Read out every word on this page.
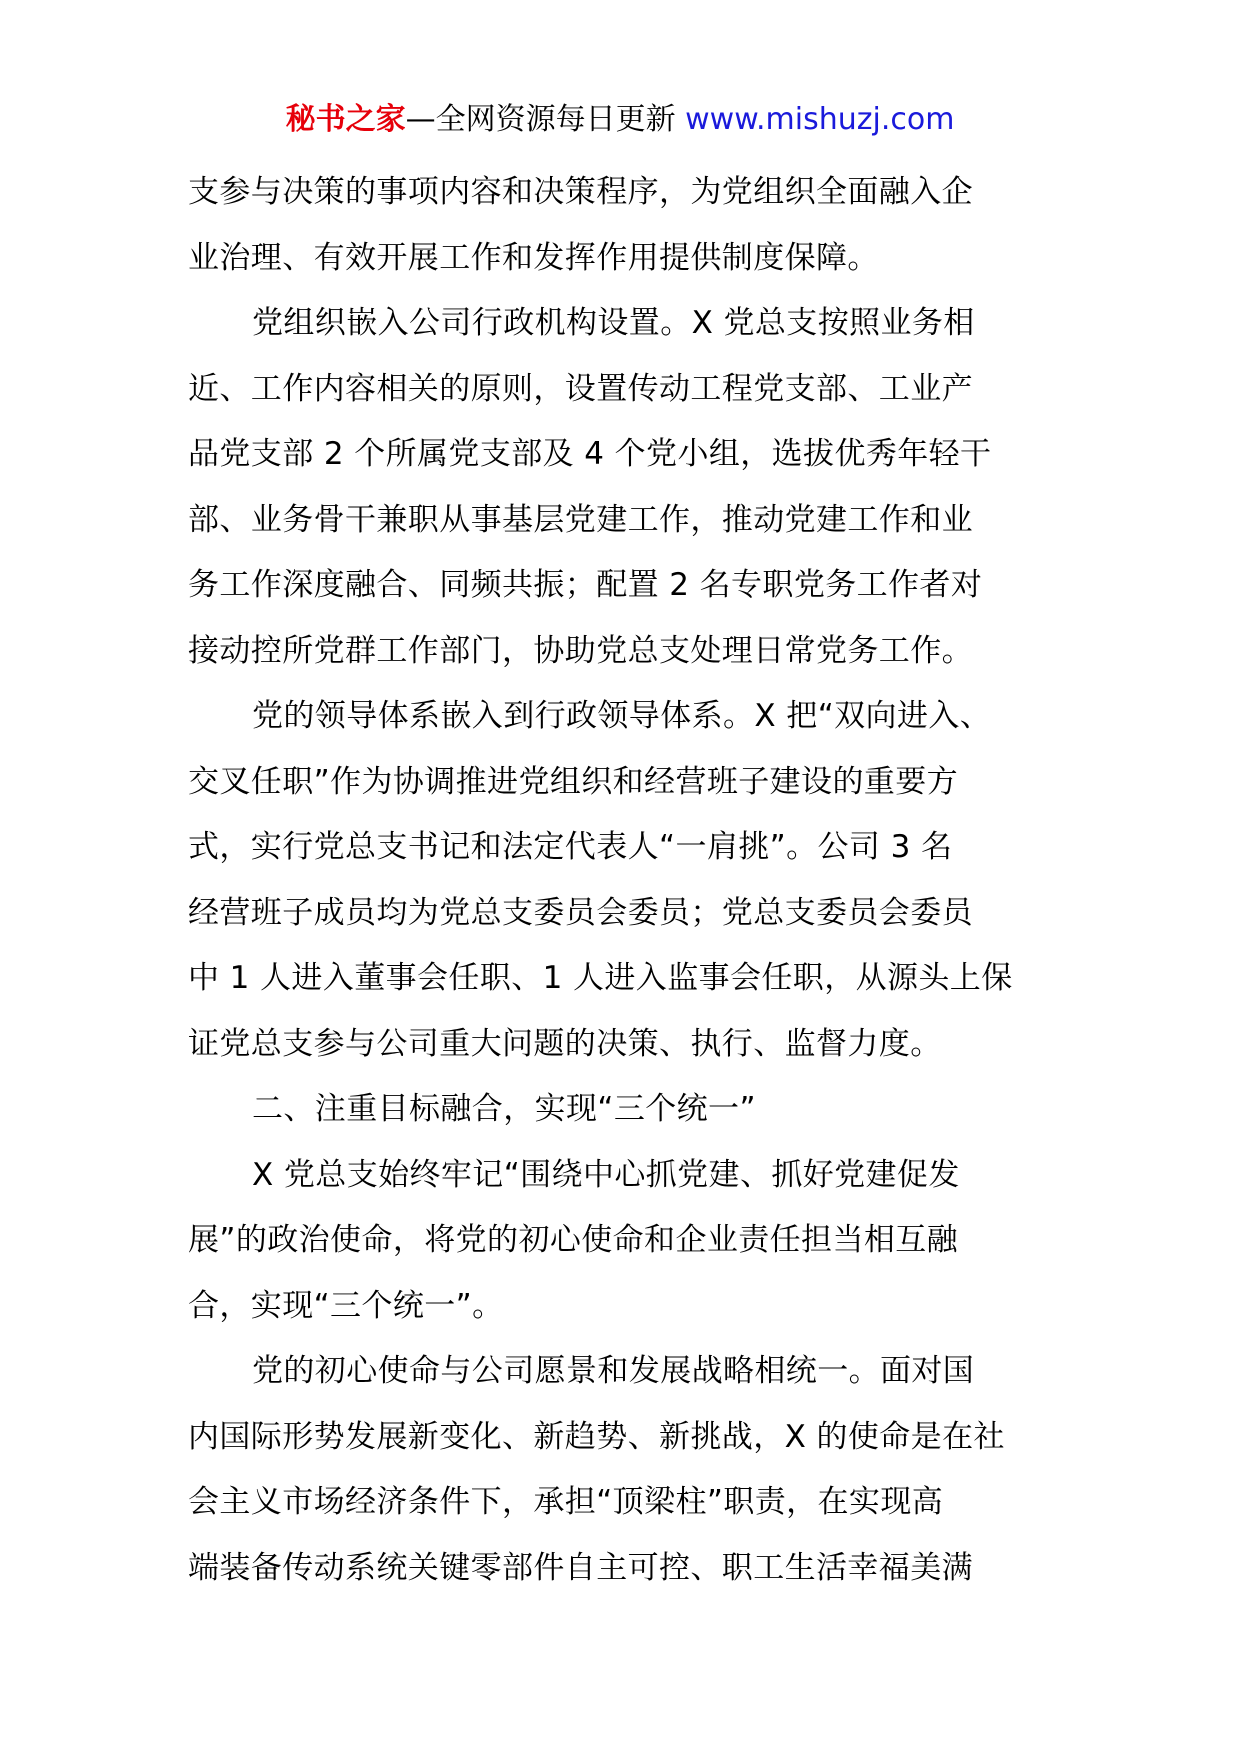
秘书之家—全网资源每日更新 www.mishuzj.com
支参与决策的事项内容和决策程序，为党组织全面融入企
业治理、有效开展工作和发挥作用提供制度保障。
党组织嵌入公司行政机构设置。X 党总支按照业务相
近、工作内容相关的原则，设置传动工程党支部、工业产
品党支部 2 个所属党支部及 4 个党小组，选拔优秀年轻干
部、业务骨干兼职从事基层党建工作，推动党建工作和业
务工作深度融合、同频共振；配置 2 名专职党务工作者对
接动控所党群工作部门，协助党总支处理日常党务工作。
党的领导体系嵌入到行政领导体系。X 把“双向进入、
交叉任职”作为协调推进党组织和经营班子建设的重要方
式，实行党总支书记和法定代表人“一肩挑”。公司 3 名
经营班子成员均为党总支委员会委员；党总支委员会委员
中 1 人进入董事会任职、1 人进入监事会任职，从源头上保
证党总支参与公司重大问题的决策、执行、监督力度。
二、注重目标融合，实现“三个统一”
X 党总支始终牢记“围绕中心抓党建、抓好党建促发
展”的政治使命，将党的初心使命和企业责任担当相互融
合，实现“三个统一”。
党的初心使命与公司愿景和发展战略相统一。面对国
内国际形势发展新变化、新趋势、新挑战，X 的使命是在社
会主义市场经济条件下，承担“顶梁柱”职责，在实现高
端装备传动系统关键零部件自主可控、职工生活幸福美满
